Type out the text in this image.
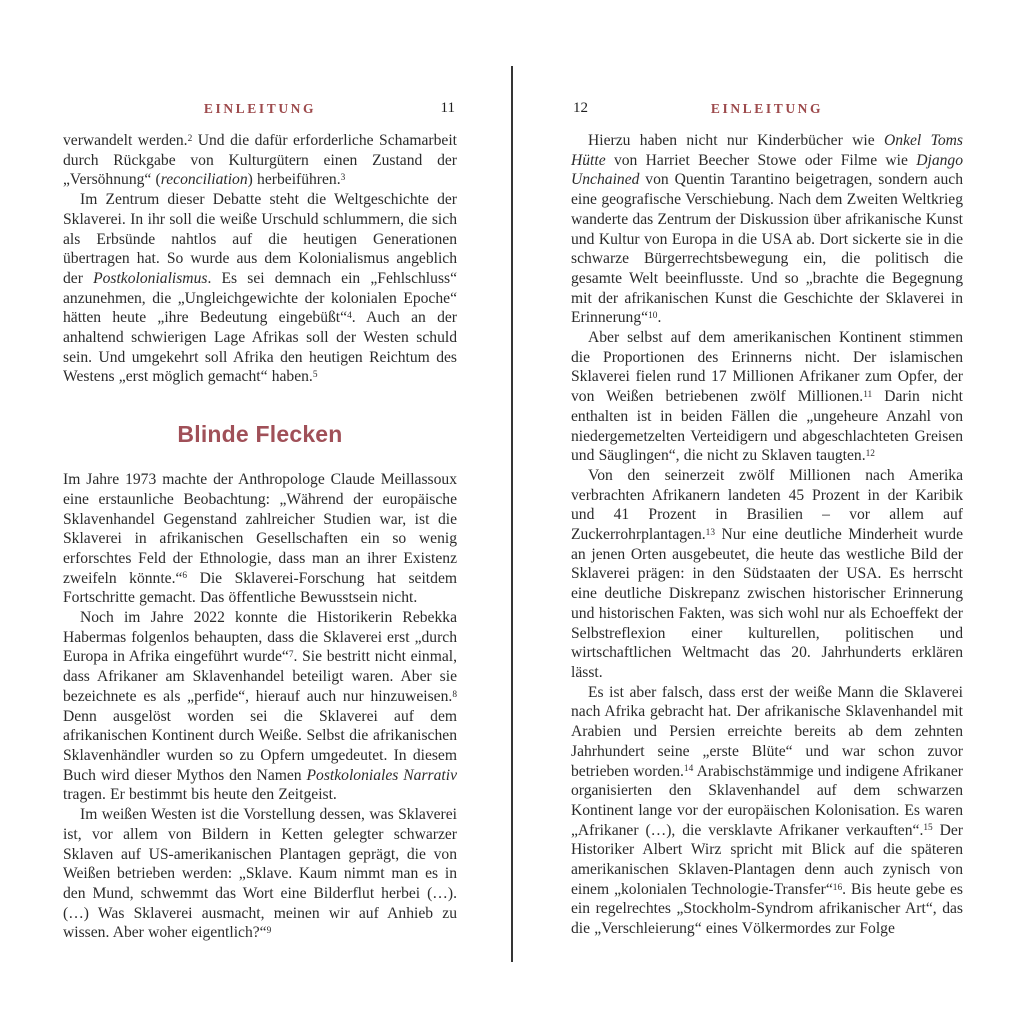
EINLEITUNG	11

verwandelt werden.$^2$ Und die dafür erforderliche Schamarbeit durch Rückgabe von Kulturgütern einen Zustand der „Versöhnung“ (reconciliation) herbeiführen.$^3$

Im Zentrum dieser Debatte steht die Weltgeschichte der Sklaverei. In ihr soll die weiße Urschuld schlummern, die sich als Erbsünde nahtlos auf die heutigen Generationen übertragen hat. So wurde aus dem Kolonialismus angeblich der Postkolonialismus. Es sei demnach ein „Fehlschluss“ anzunehmen, die „Ungleichgewichte der kolonialen Epoche“ hätten heute „ihre Bedeutung eingebüßt“$^4$. Auch an der anhaltend schwierigen Lage Afrikas soll der Westen schuld sein. Und umgekehrt soll Afrika den heutigen Reichtum des Westens „erst möglich gemacht“ haben.$^5$

Blinde Flecken

Im Jahre 1973 machte der Anthropologe Claude Meillassoux eine erstaunliche Beobachtung: „Während der europäische Sklavenhandel Gegenstand zahlreicher Studien war, ist die Sklaverei in afrikanischen Gesellschaften ein so wenig erforschtes Feld der Ethnologie, dass man an ihrer Existenz zweifeln könnte.“$^6$ Die Sklaverei-Forschung hat seitdem Fortschritte gemacht. Das öffentliche Bewusstsein nicht.

Noch im Jahre 2022 konnte die Historikerin Rebekka Habermas folgenlos behaupten, dass die Sklaverei erst „durch Europa in Afrika eingeführt wurde“$^7$. Sie bestritt nicht einmal, dass Afrikaner am Sklavenhandel beteiligt waren. Aber sie bezeichnete es als „perfide“, hierauf auch nur hinzuweisen.$^8$ Denn ausgelöst worden sei die Sklaverei auf dem afrikanischen Kontinent durch Weiße. Selbst die afrikanischen Sklavenhändler wurden so zu Opfern umgedeutet. In diesem Buch wird dieser Mythos den Namen Postkoloniales Narrativ tragen. Er bestimmt bis heute den Zeitgeist.

Im weißen Westen ist die Vorstellung dessen, was Sklaverei ist, vor allem von Bildern in Ketten gelegter schwarzer Sklaven auf US-amerikanischen Plantagen geprägt, die von Weißen betrieben werden: „Sklave. Kaum nimmt man es in den Mund, schwemmt das Wort eine Bilderflut herbei (…). (…) Was Sklaverei ausmacht, meinen wir auf Anhieb zu wissen. Aber woher eigentlich?“$^9$

12	EINLEITUNG

Hierzu haben nicht nur Kinderbücher wie Onkel Toms Hütte von Harriet Beecher Stowe oder Filme wie Django Unchained von Quentin Tarantino beigetragen, sondern auch eine geografische Verschiebung. Nach dem Zweiten Weltkrieg wanderte das Zentrum der Diskussion über afrikanische Kunst und Kultur von Europa in die USA ab. Dort sickerte sie in die schwarze Bürgerrechtsbewegung ein, die politisch die gesamte Welt beeinflusste. Und so „brachte die Begegnung mit der afrikanischen Kunst die Geschichte der Sklaverei in Erinnerung“$^{10}$.

Aber selbst auf dem amerikanischen Kontinent stimmen die Proportionen des Erinnerns nicht. Der islamischen Sklaverei fielen rund 17 Millionen Afrikaner zum Opfer, der von Weißen betriebenen zwölf Millionen.$^{11}$ Darin nicht enthalten ist in beiden Fällen die „ungeheure Anzahl von niedergemetzelten Verteidigern und abgeschlachteten Greisen und Säuglingen“, die nicht zu Sklaven taugten.$^{12}$

Von den seinerzeit zwölf Millionen nach Amerika verbrachten Afrikanern landeten 45 Prozent in der Karibik und 41 Prozent in Brasilien – vor allem auf Zuckerrohrplantagen.$^{13}$ Nur eine deutliche Minderheit wurde an jenen Orten ausgebeutet, die heute das westliche Bild der Sklaverei prägen: in den Südstaaten der USA. Es herrscht eine deutliche Diskrepanz zwischen historischer Erinnerung und historischen Fakten, was sich wohl nur als Echoeffekt der Selbstreflexion einer kulturellen, politischen und wirtschaftlichen Weltmacht das 20. Jahrhunderts erklären lässt.

Es ist aber falsch, dass erst der weiße Mann die Sklaverei nach Afrika gebracht hat. Der afrikanische Sklavenhandel mit Arabien und Persien erreichte bereits ab dem zehnten Jahrhundert seine „erste Blüte“ und war schon zuvor betrieben worden.$^{14}$ Arabischstämmige und indigene Afrikaner organisierten den Sklavenhandel auf dem schwarzen Kontinent lange vor der europäischen Kolonisation. Es waren „Afrikaner (…), die versklavte Afrikaner verkauften“.$^{15}$ Der Historiker Albert Wirz spricht mit Blick auf die späteren amerikanischen Sklaven-Plantagen denn auch zynisch von einem „kolonialen Technologie-Transfer“$^{16}$. Bis heute gebe es ein regelrechtes „Stockholm-Syndrom afrikanischer Art“, das die „Verschleierung“ eines Völkermordes zur Folge
